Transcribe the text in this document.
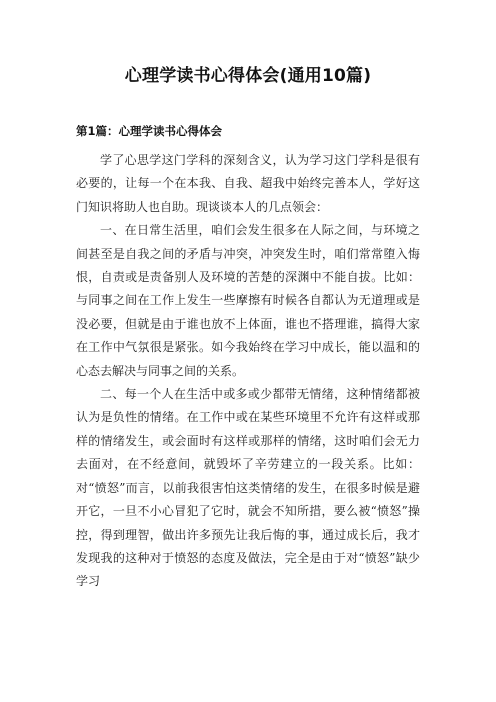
心理学读书心得体会(通用10篇)
第1篇：心理学读书心得体会

学了心思学这门学科的深刻含义，认为学习这门学科是很有必要的，让每一个在本我、自我、超我中始终完善本人，学好这门知识将助人也自助。现谈谈本人的几点领会：

一、在日常生活里，咱们会发生很多在人际之间，与环境之间甚至是自我之间的矛盾与冲突，冲突发生时，咱们常常堕入悔恨，自责或是责备别人及环境的苦楚的深渊中不能自拔。比如：与同事之间在工作上发生一些摩擦有时候各自都认为无道理或是没必要，但就是由于谁也放不上体面，谁也不搭理谁，搞得大家在工作中气氛很是紧张。如今我始终在学习中成长，能以温和的心态去解决与同事之间的关系。

二、每一个人在生活中或多或少都带无情绪，这种情绪都被认为是负性的情绪。在工作中或在某些环境里不允许有这样或那样的情绪发生，或会面时有这样或那样的情绪，这时咱们会无力去面对，在不经意间，就毁坏了辛劳建立的一段关系。比如：对“愤怒”而言，以前我很害怕这类情绪的发生，在很多时候是避开它，一旦不小心冒犯了它时，就会不知所措，要么被“愤怒”操控，得到理智，做出许多预先让我后悔的事，通过成长后，我才发现我的这种对于愤怒的态度及做法，完全是由于对“愤怒”缺少学习
